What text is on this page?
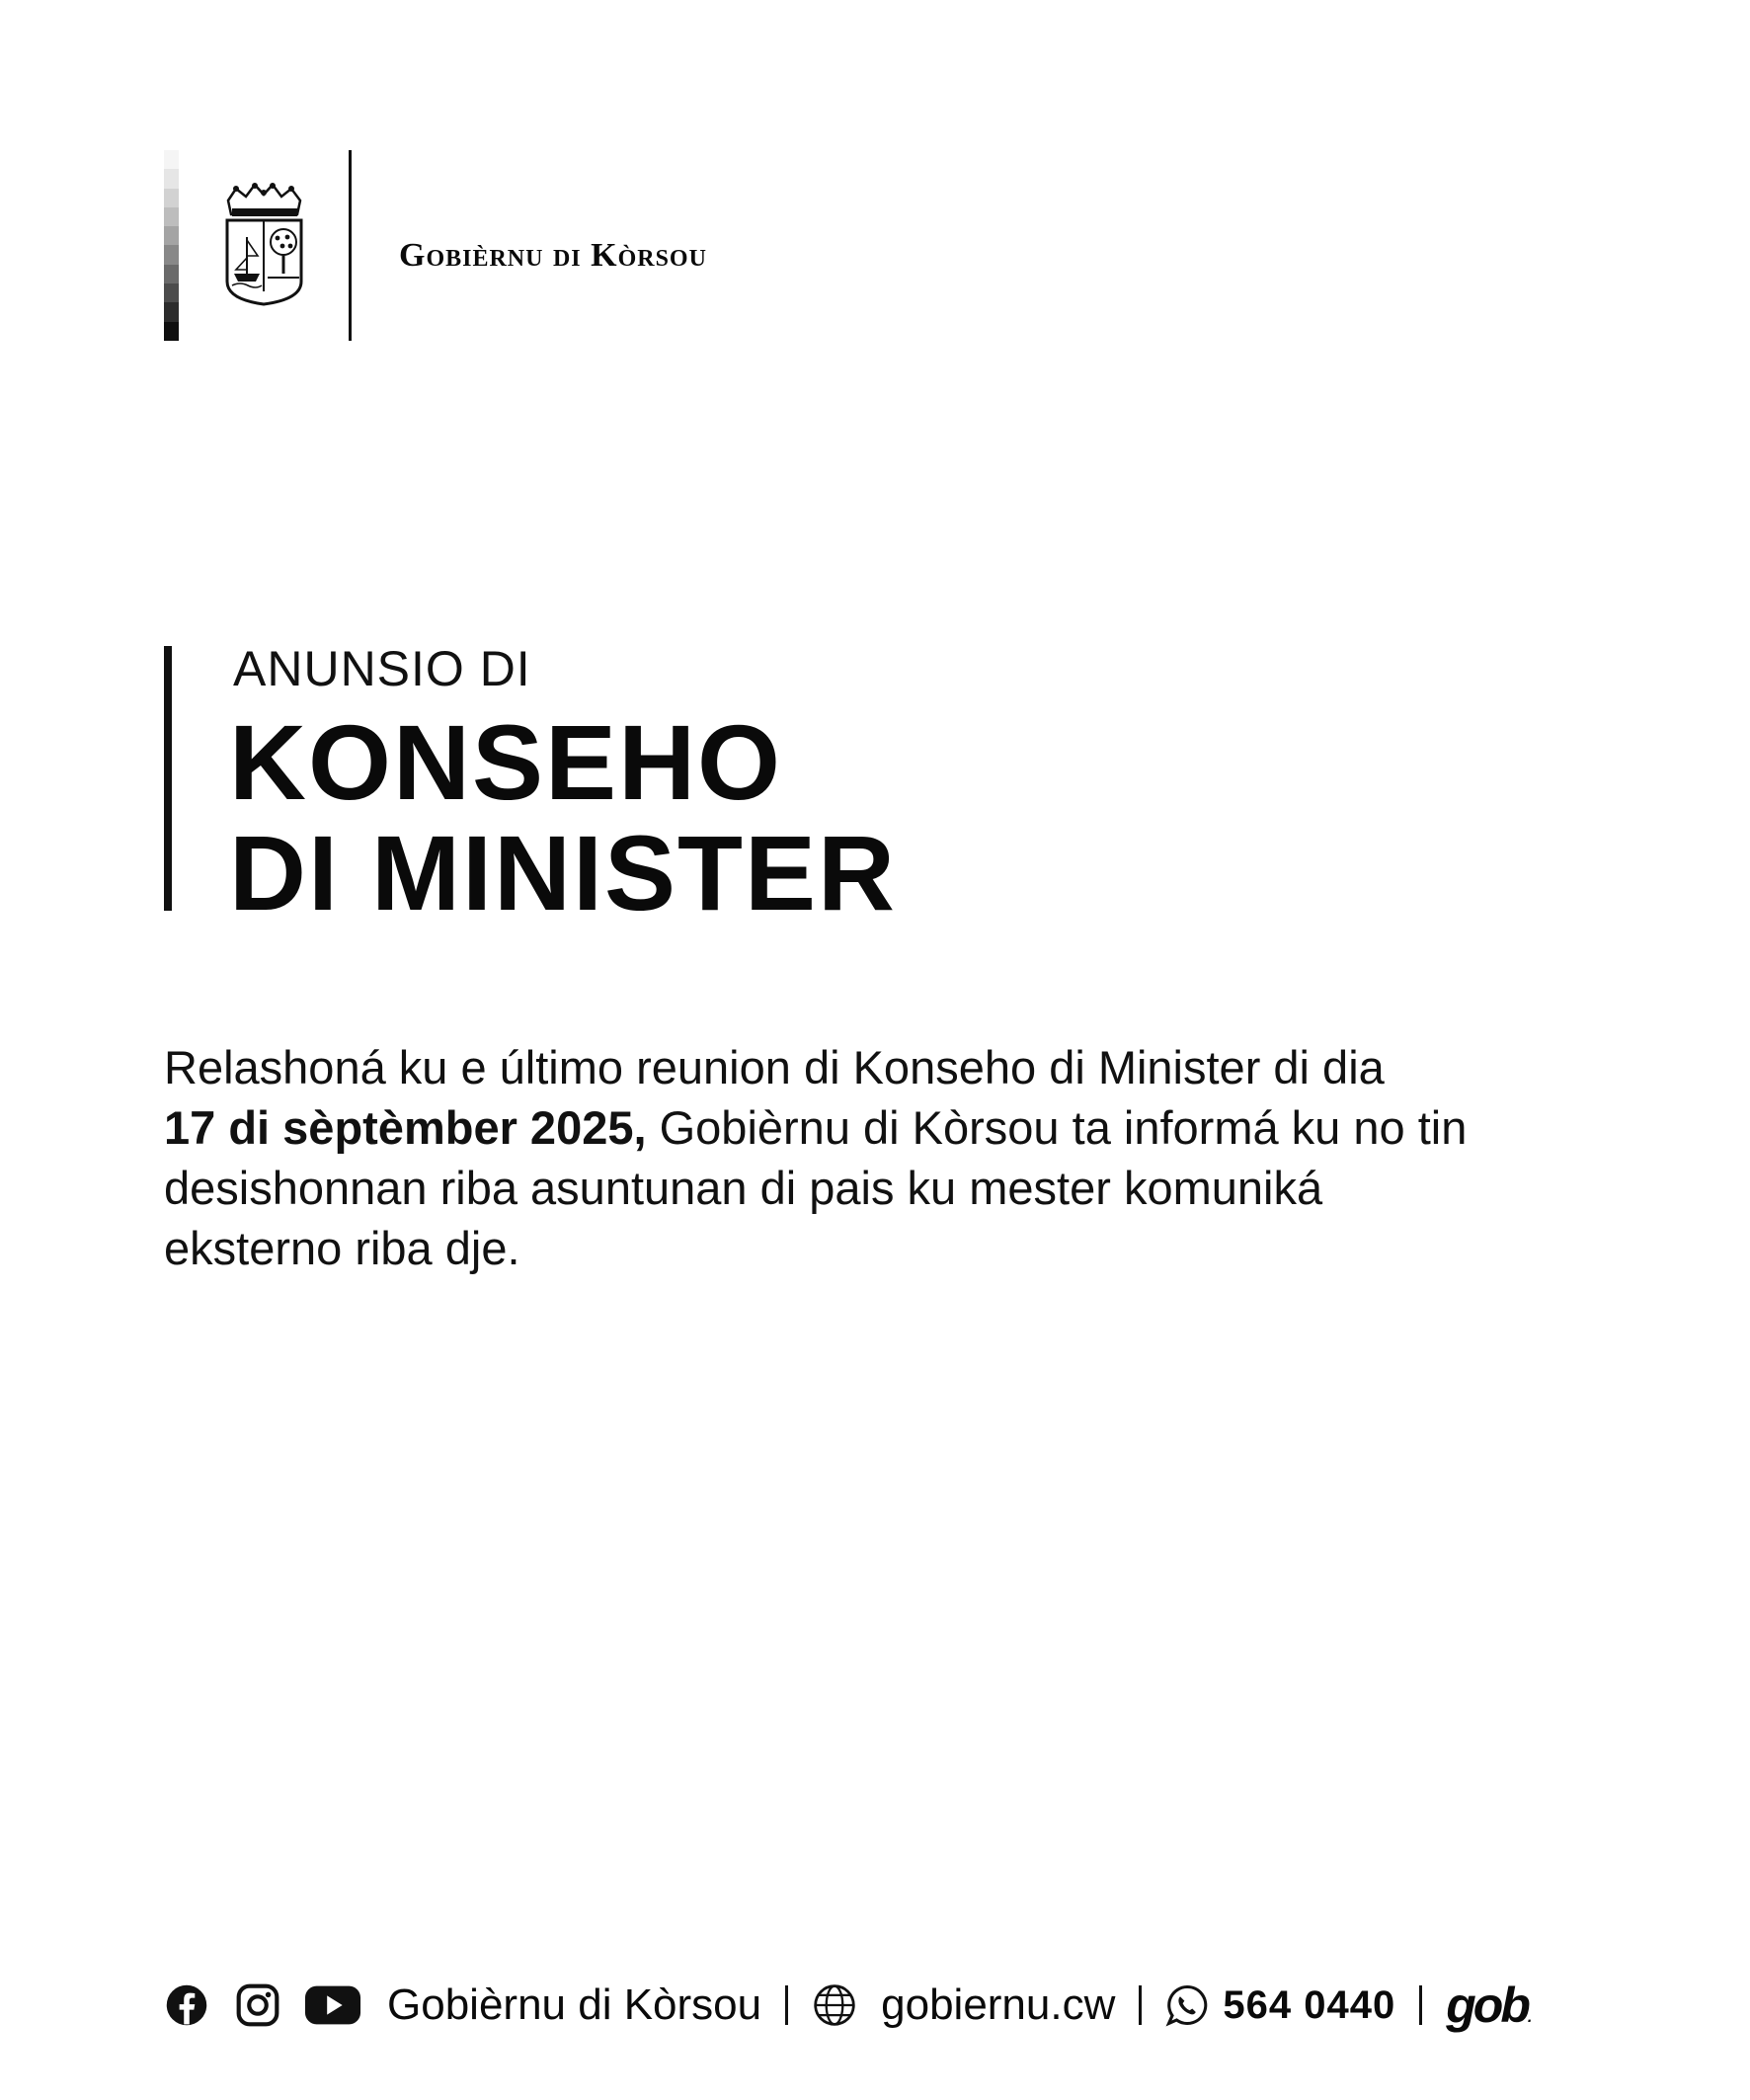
Gobièrnu di Kòrsou
ANUNSIO DI
KONSEHO
DI MINISTER
Relashoná ku e último reunion di Konseho di Minister di dia
17 di sèptèmber 2025, Gobièrnu di Kòrsou ta informá ku no tin desishonnan riba asuntunan di pais ku mester komuniká eksterno riba dje.
Gobièrnu di Kòrsou	gobiernu.cw	564 0440 gob.
